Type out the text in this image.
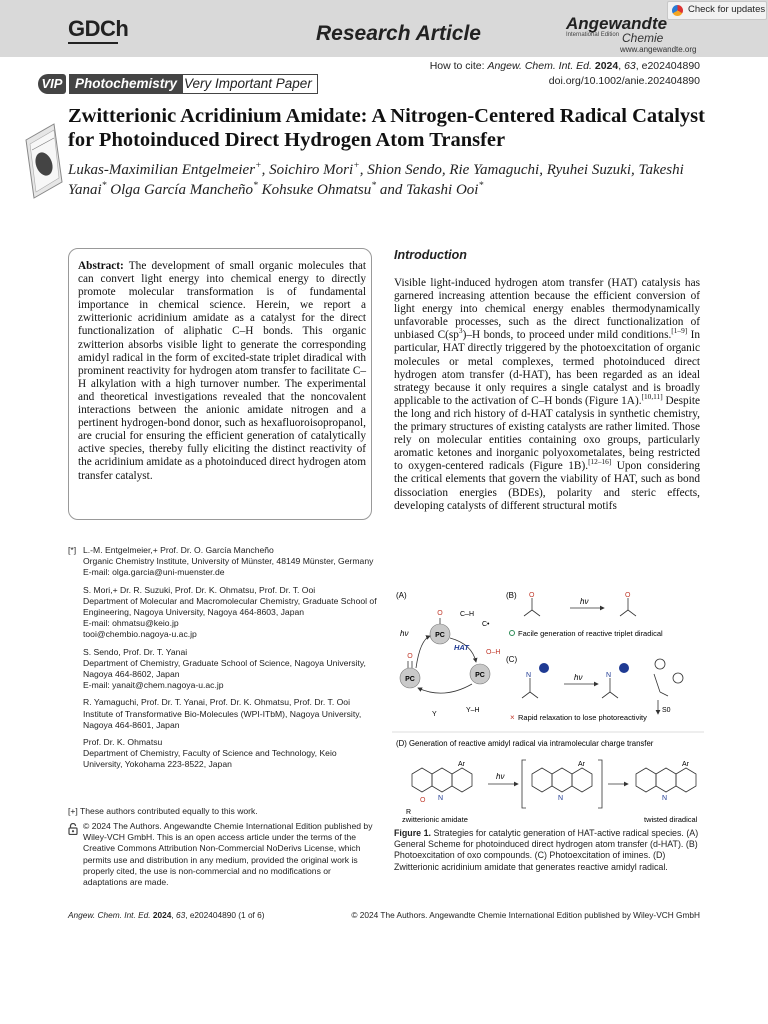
GDCh	Research Article	Angewandte
International Edition Chemie
www.angewandte.org
Check for updates
VIP Photochemistry Very Important Paper
How to cite: Angew. Chem. Int. Ed. 2024, 63, e202404890
doi.org/10.1002/anie.202404890
Zwitterionic Acridinium Amidate: A Nitrogen-Centered Radical Catalyst for Photoinduced Direct Hydrogen Atom Transfer
Lukas-Maximilian Entgelmeier+, Soichiro Mori+, Shion Sendo, Rie Yamaguchi, Ryuhei Suzuki, Takeshi Yanai* Olga García Mancheño* Kohsuke Ohmatsu* and Takashi Ooi*
Abstract: The development of small organic molecules that can convert light energy into chemical energy to directly promote molecular transformation is of fundamental importance in chemical science. Herein, we report a zwitterionic acridinium amidate as a catalyst for the direct functionalization of aliphatic C–H bonds. This organic zwitterion absorbs visible light to generate the corresponding amidyl radical in the form of excited-state triplet diradical with prominent reactivity for hydrogen atom transfer to facilitate C–H alkylation with a high turnover number. The experimental and theoretical investigations revealed that the noncovalent interactions between the anionic amidate nitrogen and a pertinent hydrogen-bond donor, such as hexafluoroisopropanol, are crucial for ensuring the efficient generation of catalytically active species, thereby fully eliciting the distinct reactivity of the acridinium amidate as a photoinduced direct hydrogen atom transfer catalyst.
Introduction
Visible light-induced hydrogen atom transfer (HAT) catalysis has garnered increasing attention because the efficient conversion of light energy into chemical energy enables thermodynamically unfavorable processes, such as the direct functionalization of unbiased $C(sp^3)-H$ bonds, to proceed under mild conditions.[1–9] In particular, HAT directly triggered by the photoexcitation of organic molecules or metal complexes, termed photoinduced direct hydrogen atom transfer (d-HAT), has been regarded as an ideal strategy because it only requires a single catalyst and is broadly applicable to the activation of C–H bonds (Figure 1A).[10,11] Despite the long and rich history of d-HAT catalysis in synthetic chemistry, the primary structures of existing catalysts are rather limited. Those rely on molecular entities containing oxo groups, particularly aromatic ketones and inorganic polyoxometalates, being restricted to oxygen-centered radicals (Figure 1B).[12–16] Upon considering the critical elements that govern the viability of HAT, such as bond dissociation energies (BDEs), polarity and steric effects, developing catalysts of different structural motifs
[*] L.-M. Entgelmeier,+ Prof. Dr. O. García Mancheño
Organic Chemistry Institute, University of Münster, 48149 Münster, Germany
E-mail: olga.garcia@uni-muenster.de
S. Mori,+ Dr. R. Suzuki, Prof. Dr. K. Ohmatsu, Prof. Dr. T. Ooi
Department of Molecular and Macromolecular Chemistry, Graduate School of Engineering, Nagoya University, Nagoya 464-8603, Japan
E-mail: ohmatsu@keio.jp
tooi@chembio.nagoya-u.ac.jp
S. Sendo, Prof. Dr. T. Yanai
Department of Chemistry, Graduate School of Science, Nagoya University, Nagoya 464-8602, Japan
E-mail: yanait@chem.nagoya-u.ac.jp
R. Yamaguchi, Prof. Dr. T. Yanai, Prof. Dr. K. Ohmatsu, Prof. Dr. T. Ooi
Institute of Transformative Bio-Molecules (WPI-ITbM), Nagoya University, Nagoya 464-8601, Japan
Prof. Dr. K. Ohmatsu
Department of Chemistry, Faculty of Science and Technology, Keio University, Yokohama 223-8522, Japan
[+] These authors contributed equally to this work.
© 2024 The Authors. Angewandte Chemie International Edition published by Wiley-VCH GmbH. This is an open access article under the terms of the Creative Commons Attribution Non-Commercial NoDerivs License, which permits use and distribution in any medium, provided the original work is properly cited, the use is non-commercial and no modifications or adaptations are made.
(A)
PC
O
PC
O
PC
O–H
hν
HAT
C–H
C•
Y
Y–H
(B) O
hν
O
Facile generation of reactive triplet diradical
(C)
N	hν	N
S0
× Rapid relaxation to lose photoreactivity
(D) Generation of reactive amidyl radical via intramolecular charge transfer
Ar
N
R
O
zwitterionic amidate
hν
Ar
N
Ar
N
twisted diradical
Figure 1. Strategies for catalytic generation of HAT-active radical species. (A) General Scheme for photoinduced direct hydrogen atom transfer (d-HAT). (B) Photoexcitation of oxo compounds. (C) Photoexcitation of imines. (D) Zwitterionic acridinium amidate that generates reactive amidyl radical.
Angew. Chem. Int. Ed. 2024, 63, e202404890 (1 of 6)	© 2024 The Authors. Angewandte Chemie International Edition published by Wiley-VCH GmbH
